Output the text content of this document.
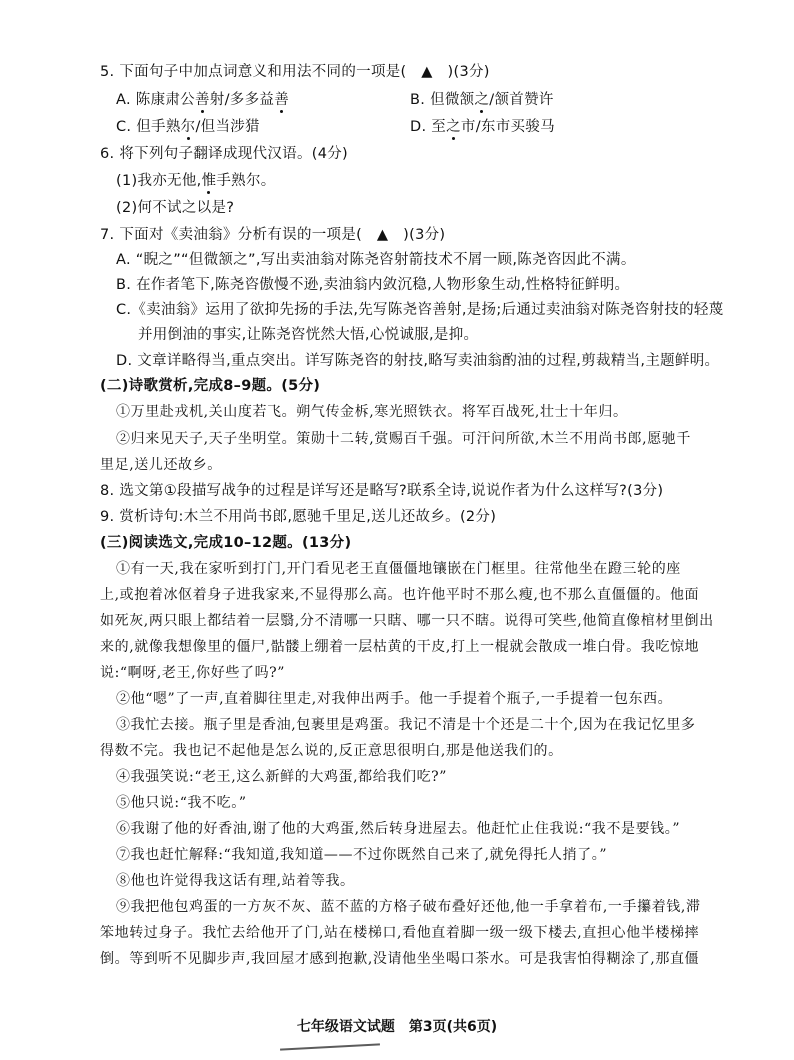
5. 下面句子中加点词意义和用法不同的一项是(　▲　)(3分)
A. 陈康肃公善射/多多益善	B. 但微颔之/颔首赞许
C. 但手熟尔/但当涉猎	D. 至之市/东市买骏马
6. 将下列句子翻译成现代汉语。(4分)
(1)我亦无他,惟手熟尔。
(2)何不试之以是?
7. 下面对《卖油翁》分析有误的一项是(　▲　)(3分)
A. “睨之”“但微颔之”,写出卖油翁对陈尧咨射箭技术不屑一顾,陈尧咨因此不满。
B. 在作者笔下,陈尧咨傲慢不逊,卖油翁内敛沉稳,人物形象生动,性格特征鲜明。
C.《卖油翁》运用了欲抑先扬的手法,先写陈尧咨善射,是扬;后通过卖油翁对陈尧咨射技的轻蔑
并用倒油的事实,让陈尧咨恍然大悟,心悦诚服,是抑。
D. 文章详略得当,重点突出。详写陈尧咨的射技,略写卖油翁酌油的过程,剪裁精当,主题鲜明。
(二)诗歌赏析,完成8–9题。(5分)
①万里赴戎机,关山度若飞。朔气传金柝,寒光照铁衣。将军百战死,壮士十年归。
②归来见天子,天子坐明堂。策勋十二转,赏赐百千强。可汗问所欲,木兰不用尚书郎,愿驰千
里足,送儿还故乡。
8. 选文第①段描写战争的过程是详写还是略写?联系全诗,说说作者为什么这样写?(3分)
9. 赏析诗句:木兰不用尚书郎,愿驰千里足,送儿还故乡。(2分)
(三)阅读选文,完成10–12题。(13分)
①有一天,我在家听到打门,开门看见老王直僵僵地镶嵌在门框里。往常他坐在蹬三轮的座
上,或抱着冰伛着身子进我家来,不显得那么高。也许他平时不那么瘦,也不那么直僵僵的。他面
如死灰,两只眼上都结着一层翳,分不清哪一只瞎、哪一只不瞎。说得可笑些,他简直像棺材里倒出
来的,就像我想像里的僵尸,骷髅上绷着一层枯黄的干皮,打上一棍就会散成一堆白骨。我吃惊地
说:“啊呀,老王,你好些了吗?”
②他“嗯”了一声,直着脚往里走,对我伸出两手。他一手提着个瓶子,一手提着一包东西。
③我忙去接。瓶子里是香油,包裹里是鸡蛋。我记不清是十个还是二十个,因为在我记忆里多
得数不完。我也记不起他是怎么说的,反正意思很明白,那是他送我们的。
④我强笑说:“老王,这么新鲜的大鸡蛋,都给我们吃?”
⑤他只说:“我不吃。”
⑥我谢了他的好香油,谢了他的大鸡蛋,然后转身进屋去。他赶忙止住我说:“我不是要钱。”
⑦我也赶忙解释:“我知道,我知道——不过你既然自己来了,就免得托人捎了。”
⑧他也许觉得我这话有理,站着等我。
⑨我把他包鸡蛋的一方灰不灰、蓝不蓝的方格子破布叠好还他,他一手拿着布,一手攥着钱,滞
笨地转过身子。我忙去给他开了门,站在楼梯口,看他直着脚一级一级下楼去,直担心他半楼梯摔
倒。等到听不见脚步声,我回屋才感到抱歉,没请他坐坐喝口茶水。可是我害怕得糊涂了,那直僵
七年级语文试题　第3页(共6页)
